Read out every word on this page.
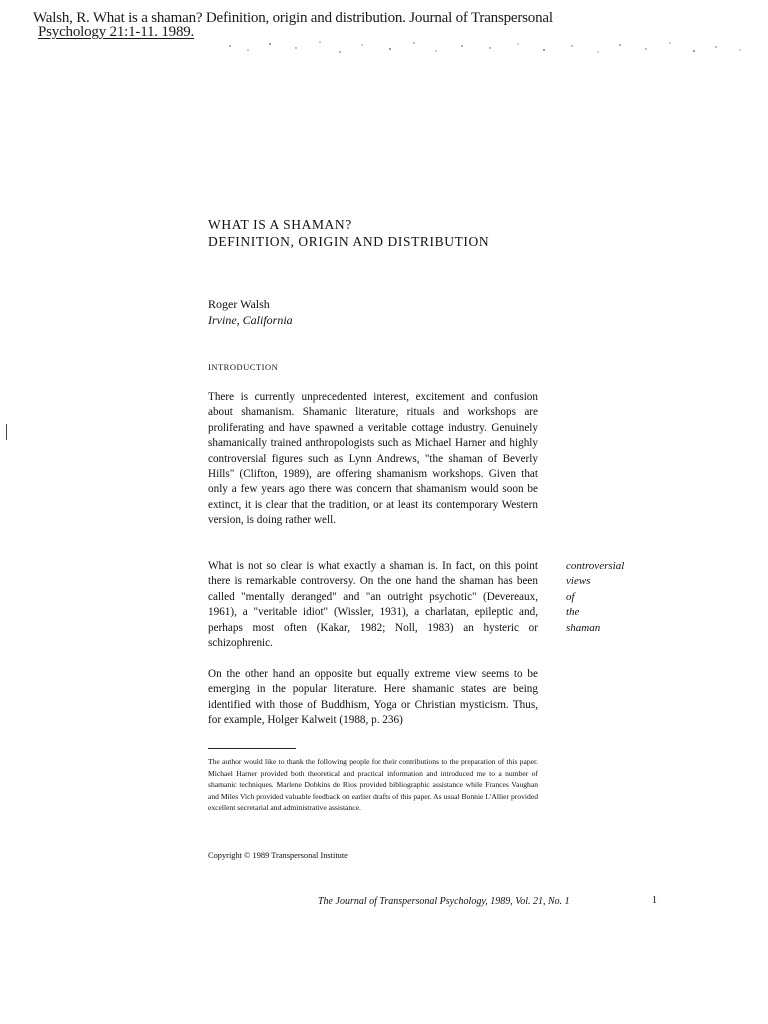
Walsh, R. What is a shaman? Definition, origin and distribution. Journal of Transpersonal
Psychology 21:1-11. 1989.
WHAT IS A SHAMAN?
DEFINITION, ORIGIN AND DISTRIBUTION
Roger Walsh
Irvine, California
INTRODUCTION

There is currently unprecedented interest, excitement and confusion about shamanism. Shamanic literature, rituals and workshops are proliferating and have spawned a veritable cottage industry. Genuinely shamanically trained anthropologists such as Michael Harner and highly controversial figures such as Lynn Andrews, "the shaman of Beverly Hills" (Clifton, 1989), are offering shamanism workshops. Given that only a few years ago there was concern that shamanism would soon be extinct, it is clear that the tradition, or at least its contemporary Western version, is doing rather well.

What is not so clear is what exactly a shaman is. In fact, on this point there is remarkable controversy. On the one hand the shaman has been called "mentally deranged" and "an outright psychotic" (Devereaux, 1961), a "veritable idiot" (Wissler, 1931), a charlatan, epileptic and, perhaps most often (Kakar, 1982; Noll, 1983) an hysteric or schizophrenic.

On the other hand an opposite but equally extreme view seems to be emerging in the popular literature. Here shamanic states are being identified with those of Buddhism, Yoga or Christian mysticism. Thus, for example, Holger Kalweit (1988, p. 236)

controversial
views
of
the
shaman

The author would like to thank the following people for their contributions to the preparation of this paper. Michael Harner provided both theoretical and practical information and introduced me to a number of shamanic techniques. Marlene Dobkins de Rios provided bibliographic assistance while Frances Vaughan and Miles Vich provided valuable feedback on earlier drafts of this paper. As usual Bonnie L'Allier provided excellent secretarial and administrative assistance.

Copyright © 1989 Transpersonal Institute
The Journal of Transpersonal Psychology, 1989, Vol. 21, No. 1	1
